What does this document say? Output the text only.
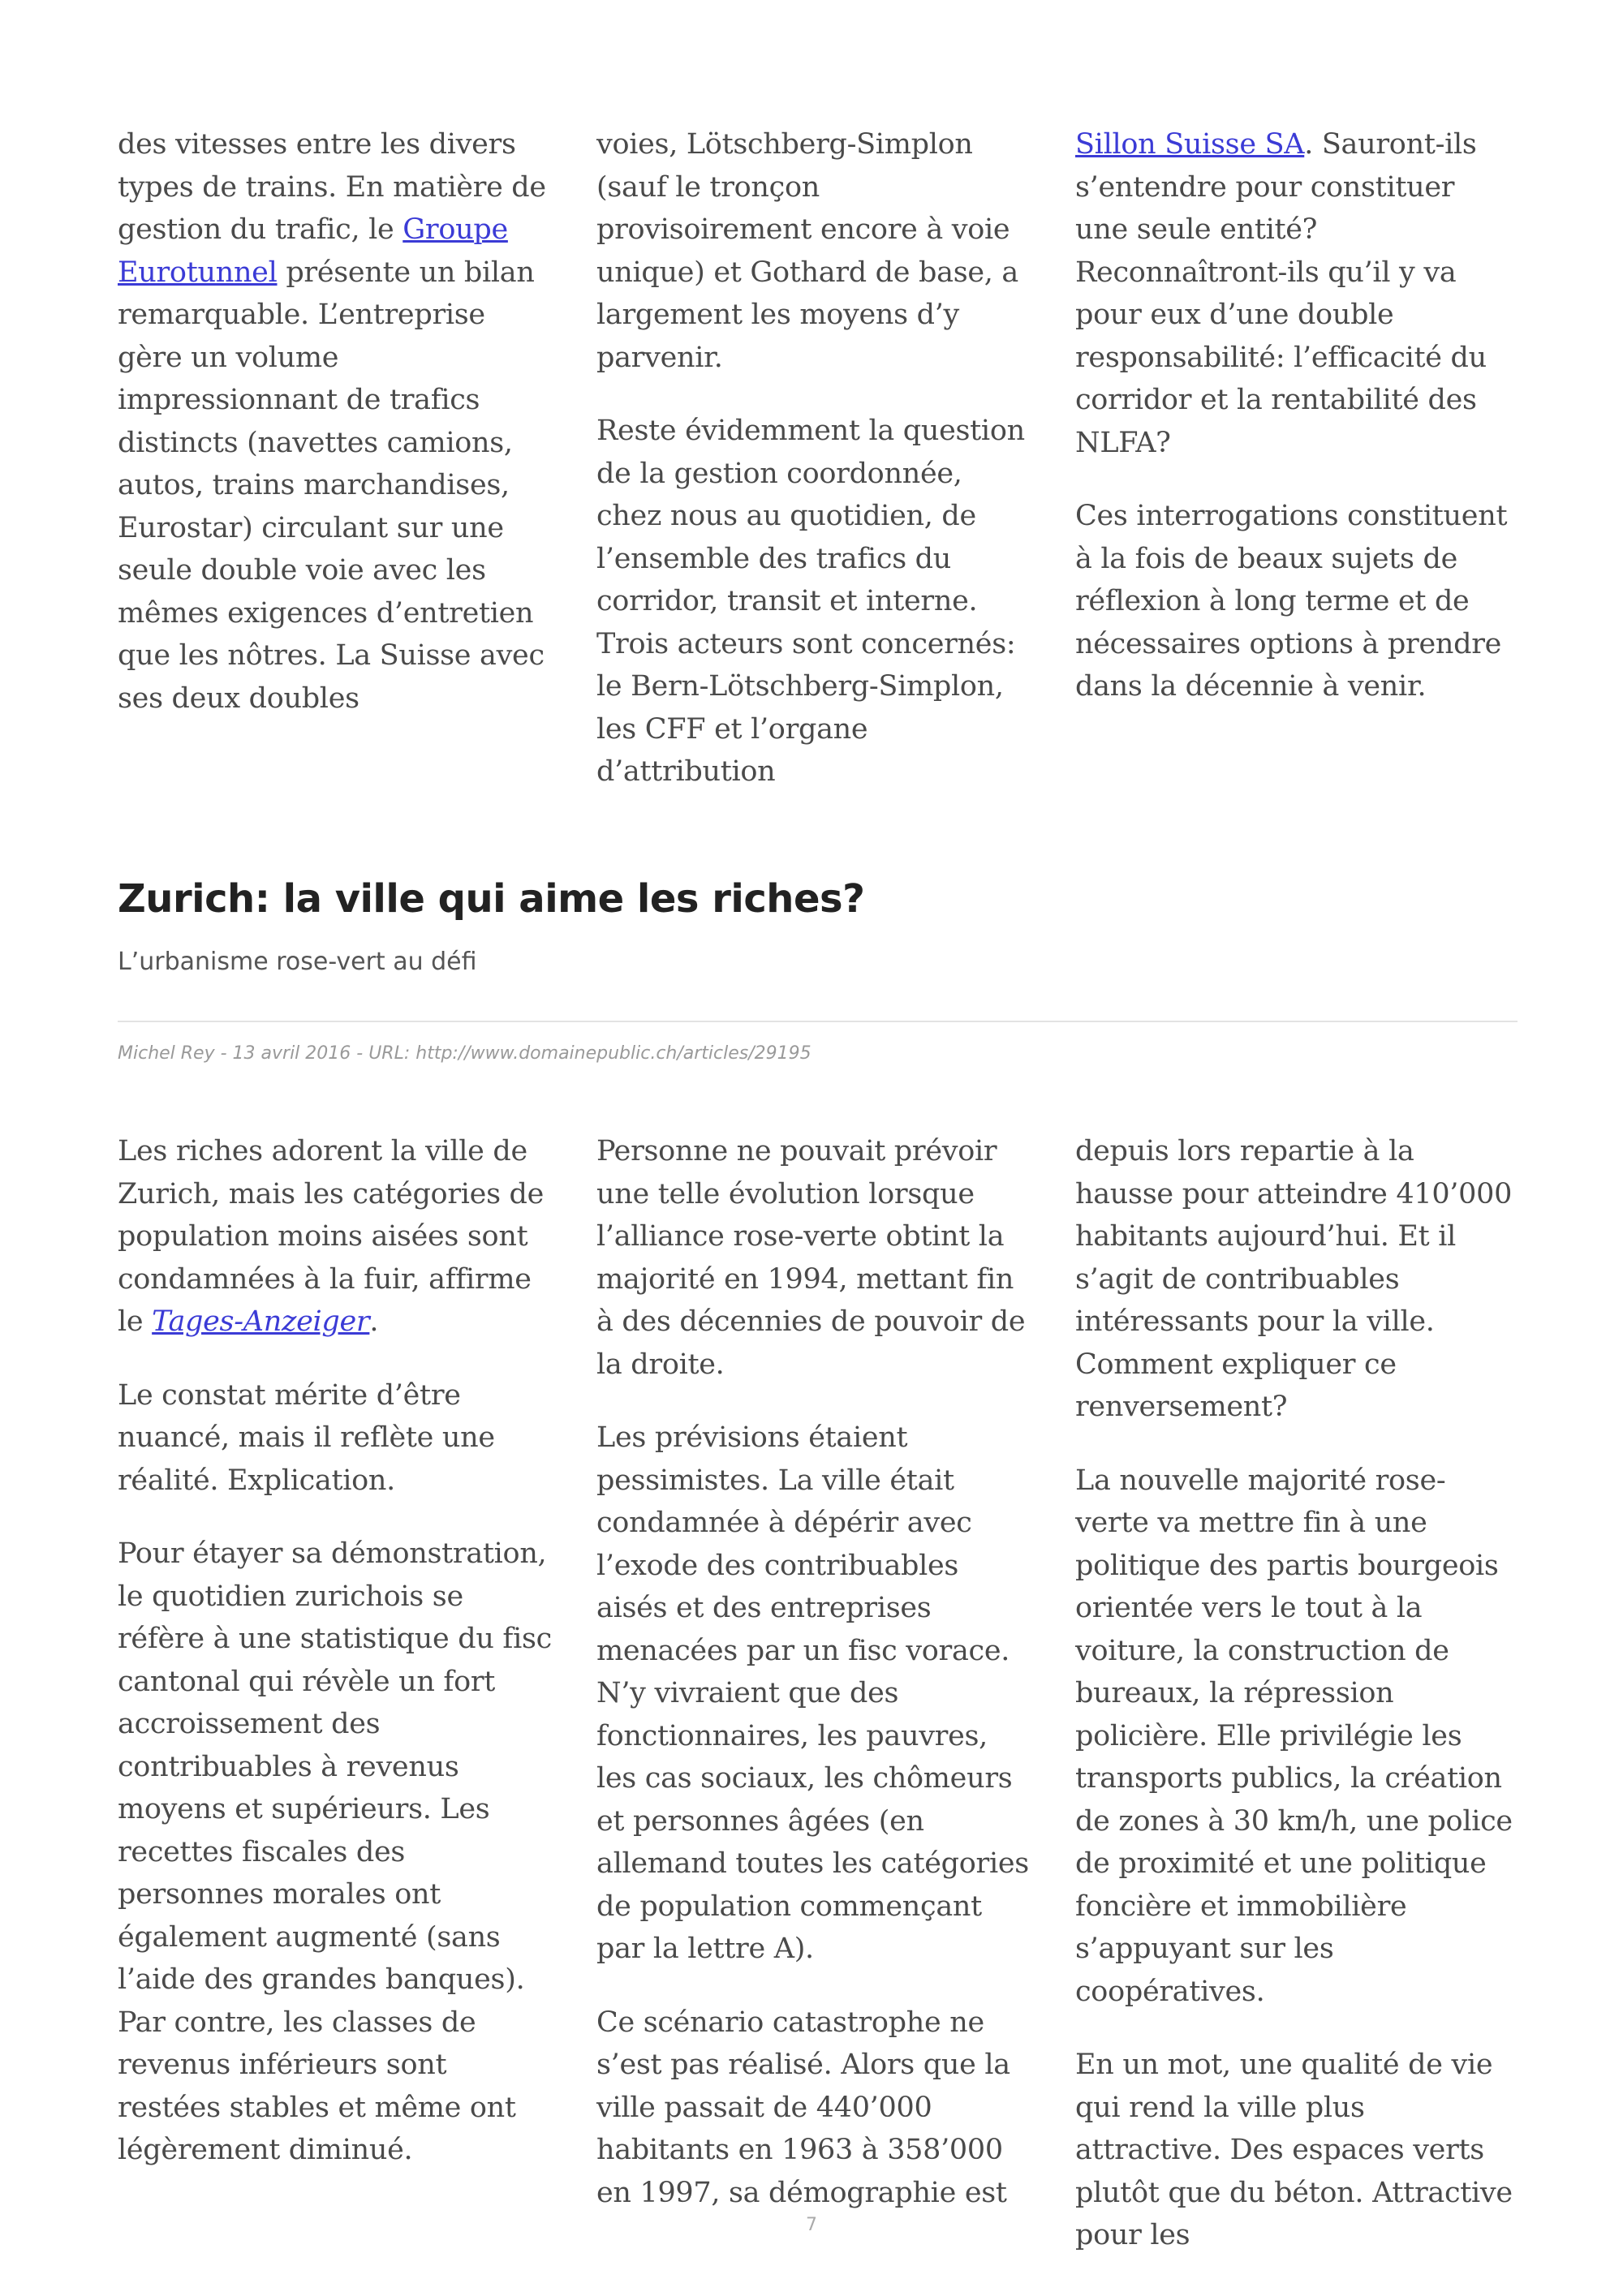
des vitesses entre les divers types de trains. En matière de gestion du trafic, le Groupe Eurotunnel présente un bilan remarquable. L’entreprise gère un volume impressionnant de trafics distincts (navettes camions, autos, trains marchandises, Eurostar) circulant sur une seule double voie avec les mêmes exigences d’entretien que les nôtres. La Suisse avec ses deux doubles

voies, Lötschberg-Simplon (sauf le tronçon provisoirement encore à voie unique) et Gothard de base, a largement les moyens d’y parvenir.

Reste évidemment la question de la gestion coordonnée, chez nous au quotidien, de l’ensemble des trafics du corridor, transit et interne. Trois acteurs sont concernés: le Bern-Lötschberg-Simplon, les CFF et l’organe d’attribution

Sillon Suisse SA. Sauront-ils s’entendre pour constituer une seule entité? Reconnaîtront-ils qu’il y va pour eux d’une double responsabilité: l’efficacité du corridor et la rentabilité des NLFA?

Ces interrogations constituent à la fois de beaux sujets de réflexion à long terme et de nécessaires options à prendre dans la décennie à venir.

Zurich: la ville qui aime les riches?
L’urbanisme rose-vert au défi
Michel Rey - 13 avril 2016 - URL: http://www.domainepublic.ch/articles/29195

Les riches adorent la ville de Zurich, mais les catégories de population moins aisées sont condamnées à la fuir, affirme le Tages-Anzeiger.

Le constat mérite d’être nuancé, mais il reflète une réalité. Explication.

Pour étayer sa démonstration, le quotidien zurichois se réfère à une statistique du fisc cantonal qui révèle un fort accroissement des contribuables à revenus moyens et supérieurs. Les recettes fiscales des personnes morales ont également augmenté (sans l’aide des grandes banques). Par contre, les classes de revenus inférieurs sont restées stables et même ont légèrement diminué.

Personne ne pouvait prévoir une telle évolution lorsque l’alliance rose-verte obtint la majorité en 1994, mettant fin à des décennies de pouvoir de la droite.

Les prévisions étaient pessimistes. La ville était condamnée à dépérir avec l’exode des contribuables aisés et des entreprises menacées par un fisc vorace. N’y vivraient que des fonctionnaires, les pauvres, les cas sociaux, les chômeurs et personnes âgées (en allemand toutes les catégories de population commençant par la lettre A).

Ce scénario catastrophe ne s’est pas réalisé. Alors que la ville passait de 440’000 habitants en 1963 à 358’000 en 1997, sa démographie est

depuis lors repartie à la hausse pour atteindre 410’000 habitants aujourd’hui. Et il s’agit de contribuables intéressants pour la ville. Comment expliquer ce renversement?

La nouvelle majorité rose-verte va mettre fin à une politique des partis bourgeois orientée vers le tout à la voiture, la construction de bureaux, la répression policière. Elle privilégie les transports publics, la création de zones à 30 km/h, une police de proximité et une politique foncière et immobilière s’appuyant sur les coopératives.

En un mot, une qualité de vie qui rend la ville plus attractive. Des espaces verts plutôt que du béton. Attractive pour les

7
